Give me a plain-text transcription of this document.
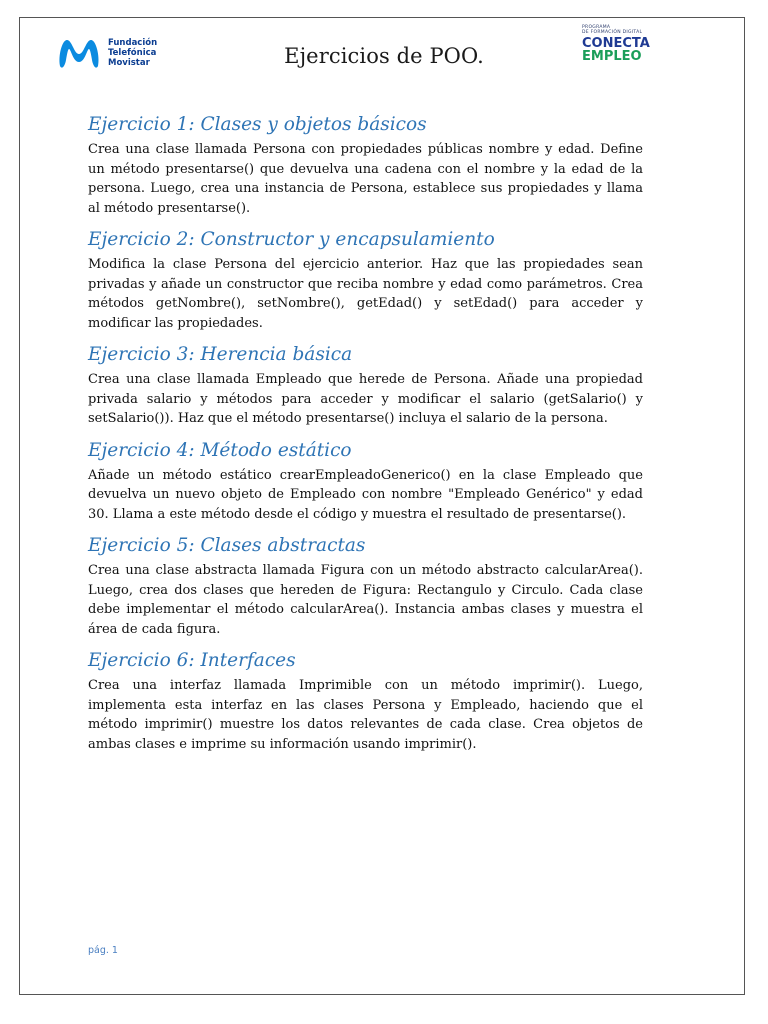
Fundación
Telefónica
Movistar	Ejercicios de POO.
PROGRAMA
DE FORMACIÓN DIGITAL
CONECTA
EMPLEO
Ejercicio 1: Clases y objetos básicos

Crea una clase llamada Persona con propiedades públicas nombre y edad. Define un método presentarse() que devuelva una cadena con el nombre y la edad de la persona. Luego, crea una instancia de Persona, establece sus propiedades y llama al método presentarse().

Ejercicio 2: Constructor y encapsulamiento

Modifica la clase Persona del ejercicio anterior. Haz que las propiedades sean privadas y añade un constructor que reciba nombre y edad como parámetros. Crea métodos getNombre(), setNombre(), getEdad() y setEdad() para acceder y modificar las propiedades.

Ejercicio 3: Herencia básica

Crea una clase llamada Empleado que herede de Persona. Añade una propiedad privada salario y métodos para acceder y modificar el salario (getSalario() y setSalario()). Haz que el método presentarse() incluya el salario de la persona.

Ejercicio 4: Método estático

Añade un método estático crearEmpleadoGenerico() en la clase Empleado que devuelva un nuevo objeto de Empleado con nombre "Empleado Genérico" y edad 30. Llama a este método desde el código y muestra el resultado de presentarse().

Ejercicio 5: Clases abstractas

Crea una clase abstracta llamada Figura con un método abstracto calcularArea(). Luego, crea dos clases que hereden de Figura: Rectangulo y Circulo. Cada clase debe implementar el método calcularArea(). Instancia ambas clases y muestra el área de cada figura.

Ejercicio 6: Interfaces

Crea una interfaz llamada Imprimible con un método imprimir(). Luego, implementa esta interfaz en las clases Persona y Empleado, haciendo que el método imprimir() muestre los datos relevantes de cada clase. Crea objetos de ambas clases e imprime su información usando imprimir().

pág. 1
